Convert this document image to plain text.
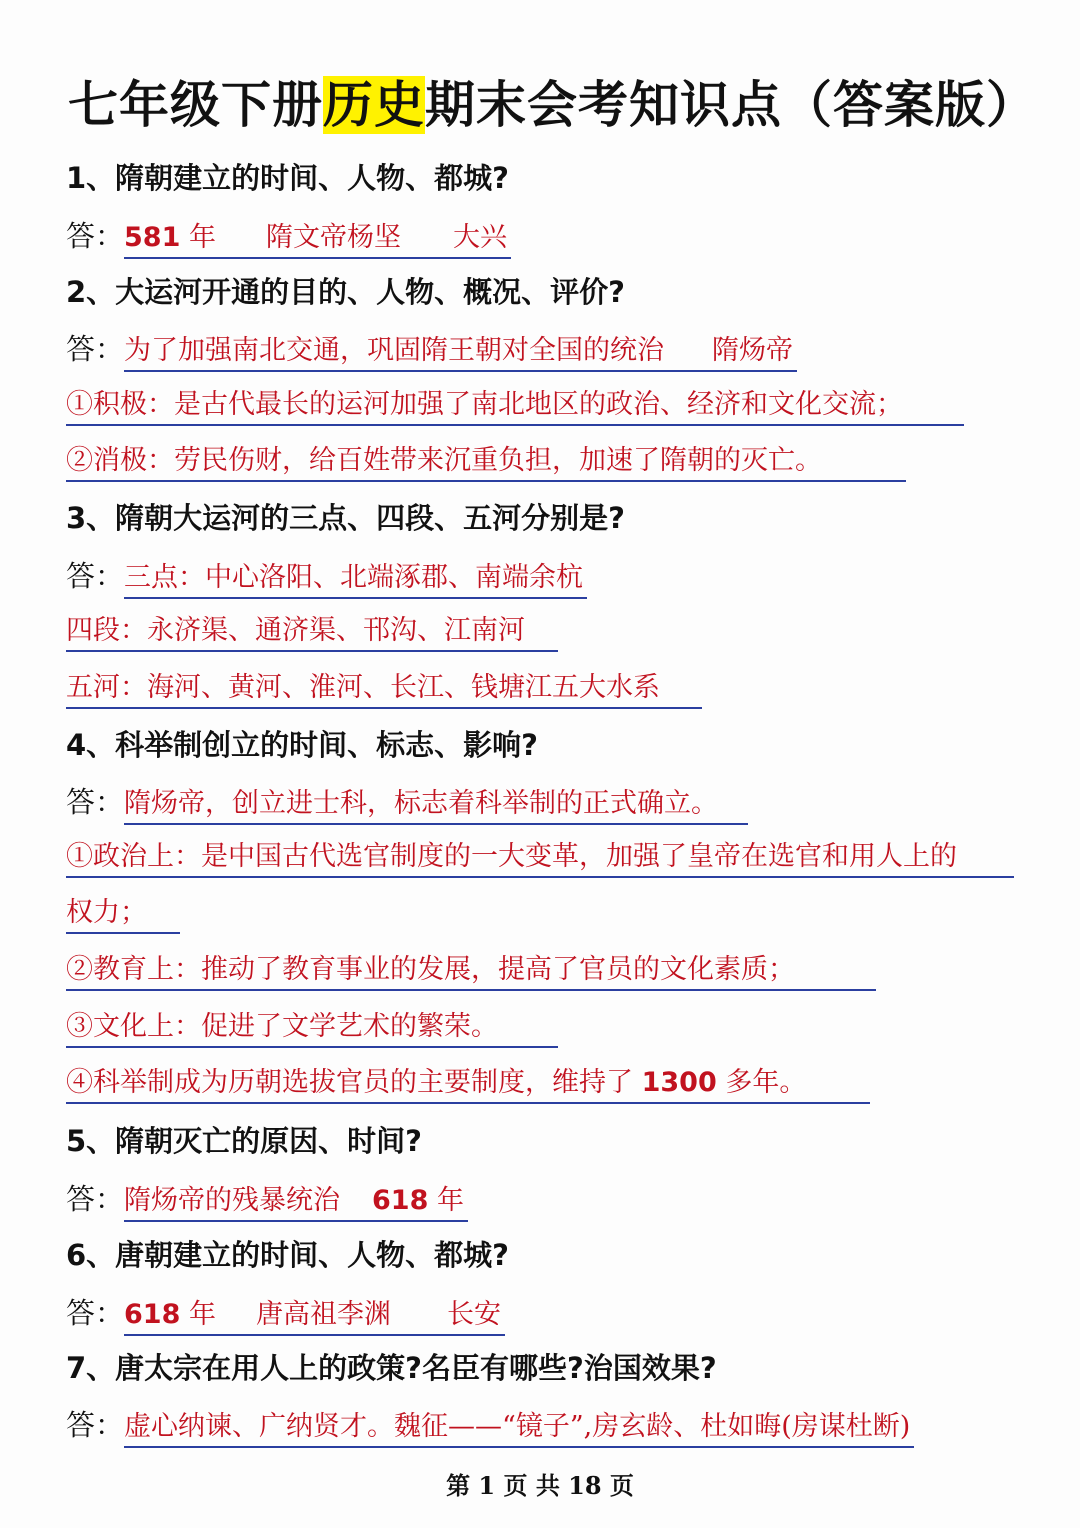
七年级下册历史期末会考知识点（答案版）
1、隋朝建立的时间、人物、都城?
答：581 年 隋文帝杨坚 大兴
2、大运河开通的目的、人物、概况、评价?
答：为了加强南北交通，巩固隋王朝对全国的统治 隋炀帝
①积极：是古代最长的运河加强了南北地区的政治、经济和文化交流；
②消极：劳民伤财，给百姓带来沉重负担，加速了隋朝的灭亡。
3、隋朝大运河的三点、四段、五河分别是?
答：三点：中心洛阳、北端涿郡、南端余杭
四段：永济渠、通济渠、邗沟、江南河
五河：海河、黄河、淮河、长江、钱塘江五大水系
4、科举制创立的时间、标志、影响?
答：隋炀帝，创立进士科，标志着科举制的正式确立。
①政治上：是中国古代选官制度的一大变革，加强了皇帝在选官和用人上的
权力；
②教育上：推动了教育事业的发展，提高了官员的文化素质；
③文化上：促进了文学艺术的繁荣。
④科举制成为历朝选拔官员的主要制度，维持了 1300 多年。
5、隋朝灭亡的原因、时间?
答：隋炀帝的残暴统治 618 年
6、唐朝建立的时间、人物、都城?
答：618 年 唐高祖李渊 长安
7、唐太宗在用人上的政策?名臣有哪些?治国效果?
答：虚心纳谏、广纳贤才。魏征——“镜子”,房玄龄、杜如晦(房谋杜断)
第 1 页 共 18 页
